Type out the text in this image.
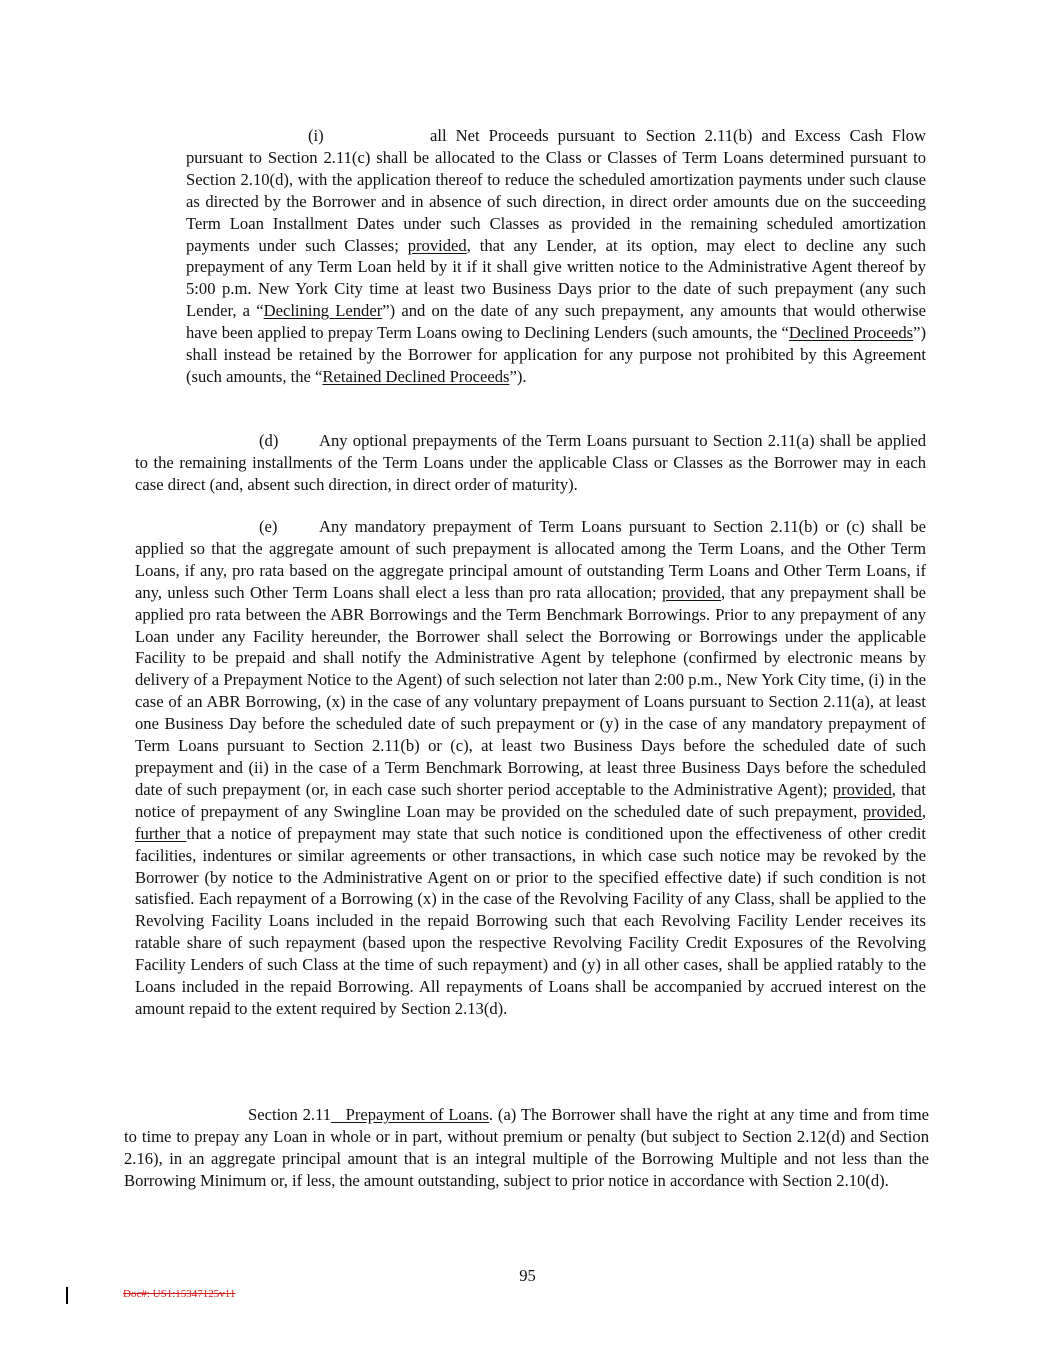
(i)	all Net Proceeds pursuant to Section 2.11(b) and Excess Cash Flow pursuant to Section 2.11(c) shall be allocated to the Class or Classes of Term Loans determined pursuant to Section 2.10(d), with the application thereof to reduce the scheduled amortization payments under such clause as directed by the Borrower and in absence of such direction, in direct order amounts due on the succeeding Term Loan Installment Dates under such Classes as provided in the remaining scheduled amortization payments under such Classes; provided, that any Lender, at its option, may elect to decline any such prepayment of any Term Loan held by it if it shall give written notice to the Administrative Agent thereof by 5:00 p.m. New York City time at least two Business Days prior to the date of such prepayment (any such Lender, a “Declining Lender”) and on the date of any such prepayment, any amounts that would otherwise have been applied to prepay Term Loans owing to Declining Lenders (such amounts, the “Declined Proceeds”) shall instead be retained by the Borrower for application for any purpose not prohibited by this Agreement (such amounts, the “Retained Declined Proceeds”).

(d) Any optional prepayments of the Term Loans pursuant to Section 2.11(a) shall be applied to the remaining installments of the Term Loans under the applicable Class or Classes as the Borrower may in each case direct (and, absent such direction, in direct order of maturity).

(e)	Any mandatory prepayment of Term Loans pursuant to Section 2.11(b) or (c) shall be applied so that the aggregate amount of such prepayment is allocated among the Term Loans, and the Other Term Loans, if any, pro rata based on the aggregate principal amount of outstanding Term Loans and Other Term Loans, if any, unless such Other Term Loans shall elect a less than pro rata allocation; provided, that any prepayment shall be applied pro rata between the ABR Borrowings and the Term Benchmark Borrowings. Prior to any prepayment of any Loan under any Facility hereunder, the Borrower shall select the Borrowing or Borrowings under the applicable Facility to be prepaid and shall notify the Administrative Agent by telephone (confirmed by electronic means by delivery of a Prepayment Notice to the Agent) of such selection not later than 2:00 p.m., New York City time, (i) in the case of an ABR Borrowing, (x) in the case of any voluntary prepayment of Loans pursuant to Section 2.11(a), at least one Business Day before the scheduled date of such prepayment or (y) in the case of any mandatory prepayment of Term Loans pursuant to Section 2.11(b) or (c), at least two Business Days before the scheduled date of such prepayment and (ii) in the case of a Term Benchmark Borrowing, at least three Business Days before the scheduled date of such prepayment (or, in each case such shorter period acceptable to the Administrative Agent); provided, that notice of prepayment of any Swingline Loan may be provided on the scheduled date of such prepayment, provided, further that a notice of prepayment may state that such notice is conditioned upon the effectiveness of other credit facilities, indentures or similar agreements or other transactions, in which case such notice may be revoked by the Borrower (by notice to the Administrative Agent on or prior to the specified effective date) if such condition is not satisfied. Each repayment of a Borrowing (x) in the case of the Revolving Facility of any Class, shall be applied to the Revolving Facility Loans included in the repaid Borrowing such that each Revolving Facility Lender receives its ratable share of such repayment (based upon the respective Revolving Facility Credit Exposures of the Revolving Facility Lenders of such Class at the time of such repayment) and (y) in all other cases, shall be applied ratably to the Loans included in the repaid Borrowing. All repayments of Loans shall be accompanied by accrued interest on the amount repaid to the extent required by Section 2.13(d).

Section 2.11 Prepayment of Loans. (a) The Borrower shall have the right at any time and from time to time to prepay any Loan in whole or in part, without premium or penalty (but subject to Section 2.12(d) and Section 2.16), in an aggregate principal amount that is an integral multiple of the Borrowing Multiple and not less than the Borrowing Minimum or, if less, the amount outstanding, subject to prior notice in accordance with Section 2.10(d).

95
Doc#: US1:15347125v11
